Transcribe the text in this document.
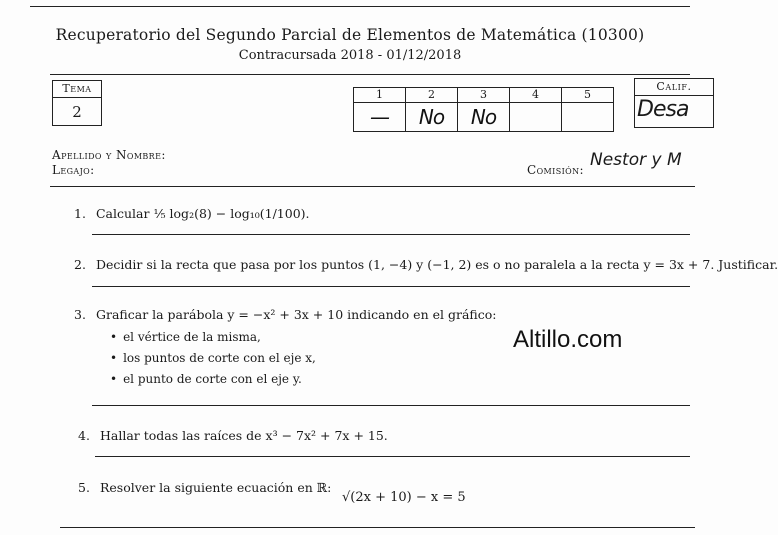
Recuperatorio del Segundo Parcial de Elementos de Matemática (10300)
Contracursada 2018 - 01/12/2018
Tema
2
1	2	3	4	5
—	No	No		
Calif.
Desa
Apellido y Nombre:
Legajo:	Comisión: Nestor y M
1. Calcular ⅕ log₂(8) − log₁₀(1/100).
2. Decidir si la recta que pasa por los puntos (1, −4) y (−1, 2) es o no paralela a la recta y = 3x + 7. Justificar.
3. Graficar la parábola y = −x² + 3x + 10 indicando en el gráfico:
• el vértice de la misma,
• los puntos de corte con el eje x,
• el punto de corte con el eje y.
Altillo.com
4. Hallar todas las raíces de x³ − 7x² + 7x + 15.
5. Resolver la siguiente ecuación en ℝ:
√(2x + 10) − x = 5
